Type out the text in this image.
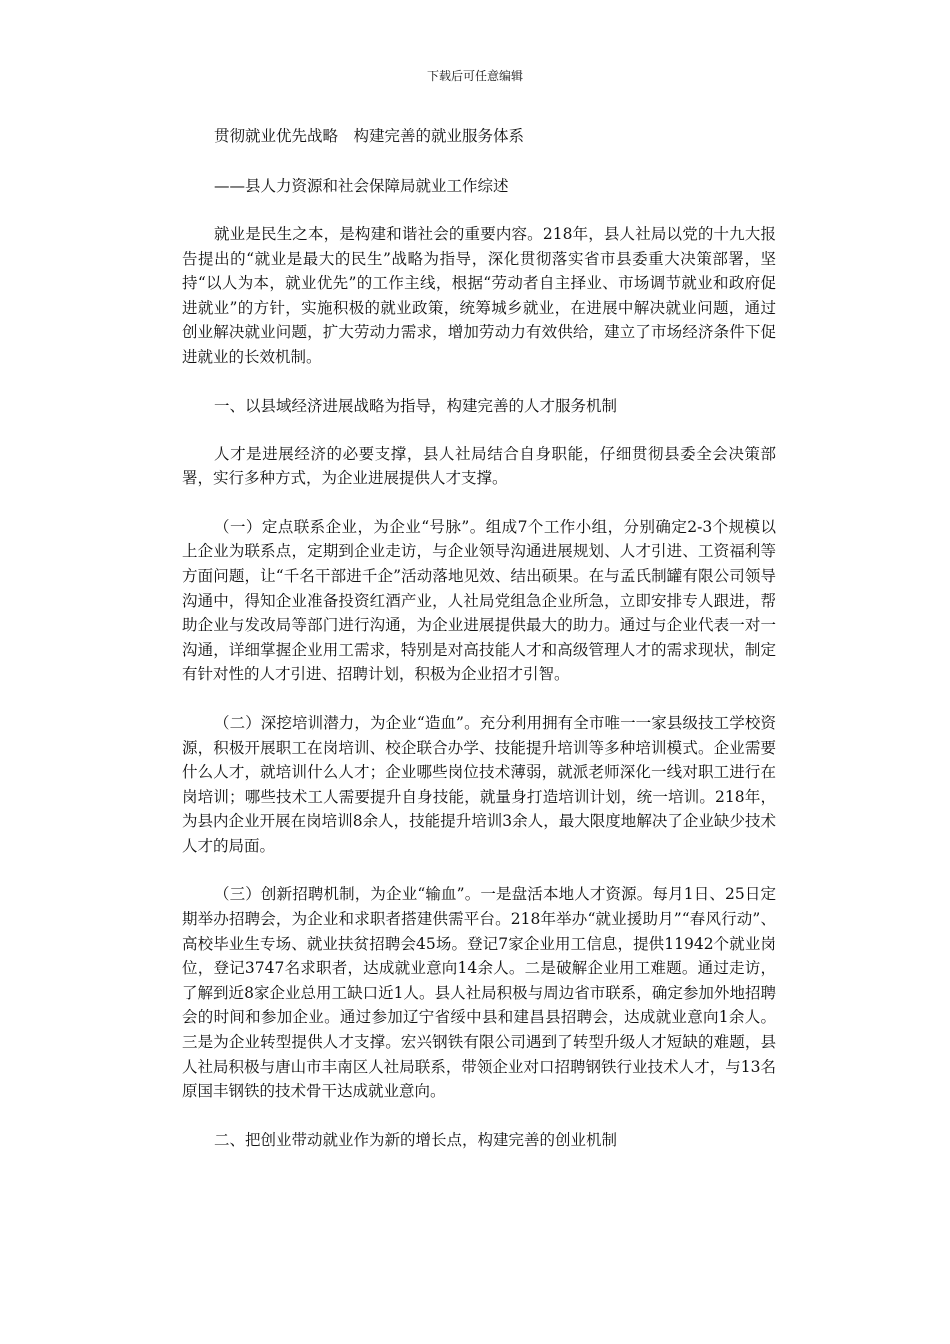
下载后可任意编辑

贯彻就业优先战略　构建完善的就业服务体系

——县人力资源和社会保障局就业工作综述

就业是民生之本，是构建和谐社会的重要内容。218年，县人社局以党的十九大报告提出的“就业是最大的民生”战略为指导，深化贯彻落实省市县委重大决策部署，坚持“以人为本，就业优先”的工作主线，根据“劳动者自主择业、市场调节就业和政府促进就业”的方针，实施积极的就业政策，统筹城乡就业，在进展中解决就业问题，通过创业解决就业问题，扩大劳动力需求，增加劳动力有效供给，建立了市场经济条件下促进就业的长效机制。

一、以县域经济进展战略为指导，构建完善的人才服务机制

人才是进展经济的必要支撑，县人社局结合自身职能，仔细贯彻县委全会决策部署，实行多种方式，为企业进展提供人才支撑。

（一）定点联系企业，为企业“号脉”。组成7个工作小组，分别确定2-3个规模以上企业为联系点，定期到企业走访，与企业领导沟通进展规划、人才引进、工资福利等方面问题，让“千名干部进千企”活动落地见效、结出硕果。在与孟氏制罐有限公司领导沟通中，得知企业准备投资红酒产业，人社局党组急企业所急，立即安排专人跟进，帮助企业与发改局等部门进行沟通，为企业进展提供最大的助力。通过与企业代表一对一沟通，详细掌握企业用工需求，特别是对高技能人才和高级管理人才的需求现状，制定有针对性的人才引进、招聘计划，积极为企业招才引智。

（二）深挖培训潜力，为企业“造血”。充分利用拥有全市唯一一家县级技工学校资源，积极开展职工在岗培训、校企联合办学、技能提升培训等多种培训模式。企业需要什么人才，就培训什么人才；企业哪些岗位技术薄弱，就派老师深化一线对职工进行在岗培训；哪些技术工人需要提升自身技能，就量身打造培训计划，统一培训。218年，为县内企业开展在岗培训8余人，技能提升培训3余人，最大限度地解决了企业缺少技术人才的局面。

（三）创新招聘机制，为企业“输血”。一是盘活本地人才资源。每月1日、25日定期举办招聘会，为企业和求职者搭建供需平台。218年举办“就业援助月”“春风行动”、高校毕业生专场、就业扶贫招聘会45场。登记7家企业用工信息，提供11942个就业岗位，登记3747名求职者，达成就业意向14余人。二是破解企业用工难题。通过走访，了解到近8家企业总用工缺口近1人。县人社局积极与周边省市联系，确定参加外地招聘会的时间和参加企业。通过参加辽宁省绥中县和建昌县招聘会，达成就业意向1余人。三是为企业转型提供人才支撑。宏兴钢铁有限公司遇到了转型升级人才短缺的难题，县人社局积极与唐山市丰南区人社局联系，带领企业对口招聘钢铁行业技术人才，与13名原国丰钢铁的技术骨干达成就业意向。

二、把创业带动就业作为新的增长点，构建完善的创业机制
